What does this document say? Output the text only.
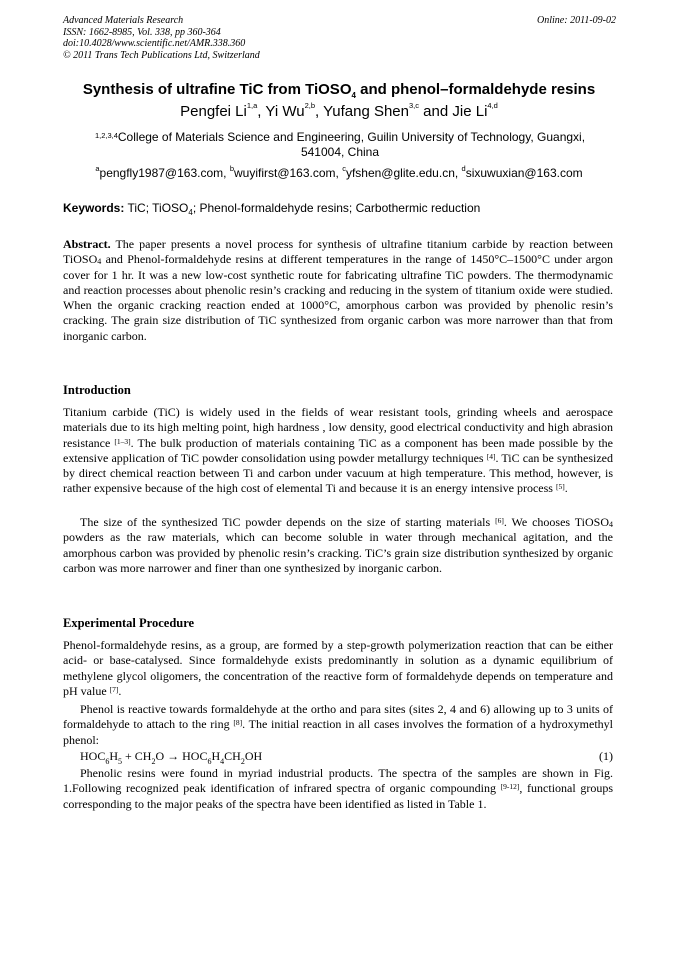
Advanced Materials Research
ISSN: 1662-8985, Vol. 338, pp 360-364
doi:10.4028/www.scientific.net/AMR.338.360
© 2011 Trans Tech Publications Ltd, Switzerland
Online: 2011-09-02
Synthesis of ultrafine TiC from TiOSO$_4$ and phenol–formaldehyde resins
Pengfei Li$^{1,a}$, Yi Wu$^{2,b}$, Yufang Shen$^{3,c}$ and Jie Li$^{4,d}$
$^{1,2,3,4}$College of Materials Science and Engineering, Guilin University of Technology, Guangxi, 541004, China
$^a$pengfly1987@163.com, $^b$wuyifirst@163.com, $^c$yfshen@glite.edu.cn, $^d$sixuwuxian@163.com
Keywords: TiC; TiOSO$_4$; Phenol-formaldehyde resins; Carbothermic reduction
Abstract. The paper presents a novel process for synthesis of ultrafine titanium carbide by reaction between TiOSO$_4$ and Phenol-formaldehyde resins at different temperatures in the range of 1450°C–1500°C under argon cover for 1 hr. It was a new low-cost synthetic route for fabricating ultrafine TiC powders. The thermodynamic and reaction processes about phenolic resin’s cracking and reducing in the system of titanium oxide were studied. When the organic cracking reaction ended at 1000°C, amorphous carbon was provided by phenolic resin’s cracking. The grain size distribution of TiC synthesized from organic carbon was more narrower than that from inorganic carbon.
Introduction
Titanium carbide (TiC) is widely used in the fields of wear resistant tools, grinding wheels and aerospace materials due to its high melting point, high hardness , low density, good electrical conductivity and high abrasion resistance [1–3]. The bulk production of materials containing TiC as a component has been made possible by the extensive application of TiC powder consolidation using powder metallurgy techniques [4]. TiC can be synthesized by direct chemical reaction between Ti and carbon under vacuum at high temperature. This method, however, is rather expensive because of the high cost of elemental Ti and because it is an energy intensive process [5].
The size of the synthesized TiC powder depends on the size of starting materials [6]. We chooses TiOSO$_4$ powders as the raw materials, which can become soluble in water through mechanical agitation, and the amorphous carbon was provided by phenolic resin’s cracking. TiC’s grain size distribution synthesized by organic carbon was more narrower and finer than one synthesized by inorganic carbon.
Experimental Procedure
Phenol-formaldehyde resins, as a group, are formed by a step-growth polymerization reaction that can be either acid- or base-catalysed. Since formaldehyde exists predominantly in solution as a dynamic equilibrium of methylene glycol oligomers, the concentration of the reactive form of formaldehyde depends on temperature and pH value [7].
Phenol is reactive towards formaldehyde at the ortho and para sites (sites 2, 4 and 6) allowing up to 3 units of formaldehyde to attach to the ring [8]. The initial reaction in all cases involves the formation of a hydroxymethyl phenol:
$HOC_6H_5 + CH_2O \to HOC_6H_4CH_2OH$	(1)
Phenolic resins were found in myriad industrial products. The spectra of the samples are shown in Fig. 1.Following recognized peak identification of infrared spectra of organic compounding [9-12], functional groups corresponding to the major peaks of the spectra have been identified as listed in Table 1.
